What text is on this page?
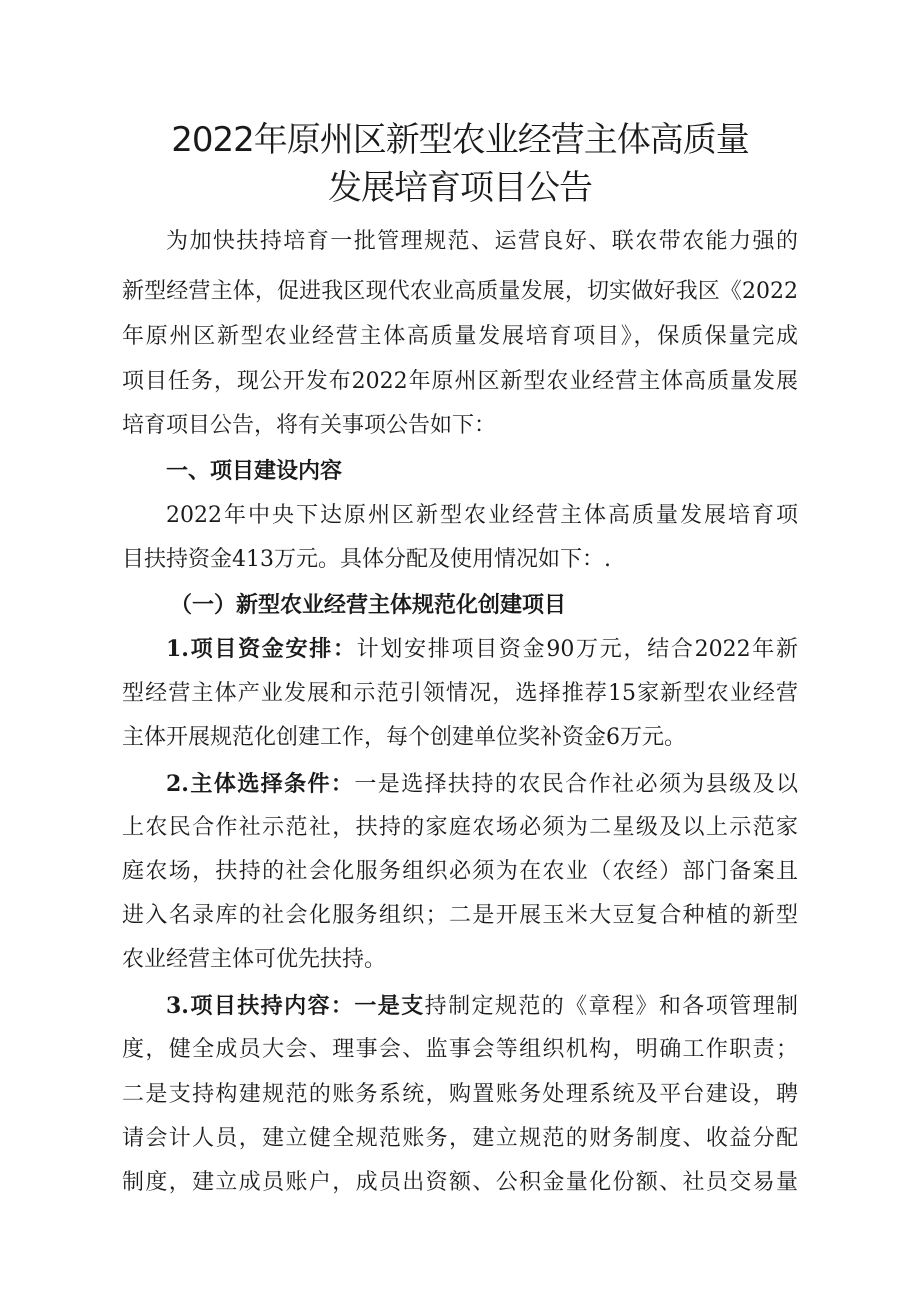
2022年原州区新型农业经营主体高质量
发展培育项目公告
为加快扶持培育一批管理规范、运营良好、联农带农能力强的
新型经营主体，促进我区现代农业高质量发展，切实做好我区《2022
年原州区新型农业经营主体高质量发展培育项目》，保质保量完成
项目任务，现公开发布2022年原州区新型农业经营主体高质量发展
培育项目公告，将有关事项公告如下：
一、项目建设内容
2022年中央下达原州区新型农业经营主体高质量发展培育项
目扶持资金413万元。具体分配及使用情况如下：.
（一）新型农业经营主体规范化创建项目
1.项目资金安排：计划安排项目资金90万元，结合2022年新
型经营主体产业发展和示范引领情况，选择推荐15家新型农业经营
主体开展规范化创建工作，每个创建单位奖补资金6万元。
2.主体选择条件：一是选择扶持的农民合作社必须为县级及以
上农民合作社示范社，扶持的家庭农场必须为二星级及以上示范家
庭农场，扶持的社会化服务组织必须为在农业（农经）部门备案且
进入名录库的社会化服务组织；二是开展玉米大豆复合种植的新型
农业经营主体可优先扶持。
3.项目扶持内容：一是支持制定规范的《章程》和各项管理制
度，健全成员大会、理事会、监事会等组织机构，明确工作职责；
二是支持构建规范的账务系统，购置账务处理系统及平台建设，聘
请会计人员，建立健全规范账务，建立规范的财务制度、收益分配
制度，建立成员账户，成员出资额、公积金量化份额、社员交易量
